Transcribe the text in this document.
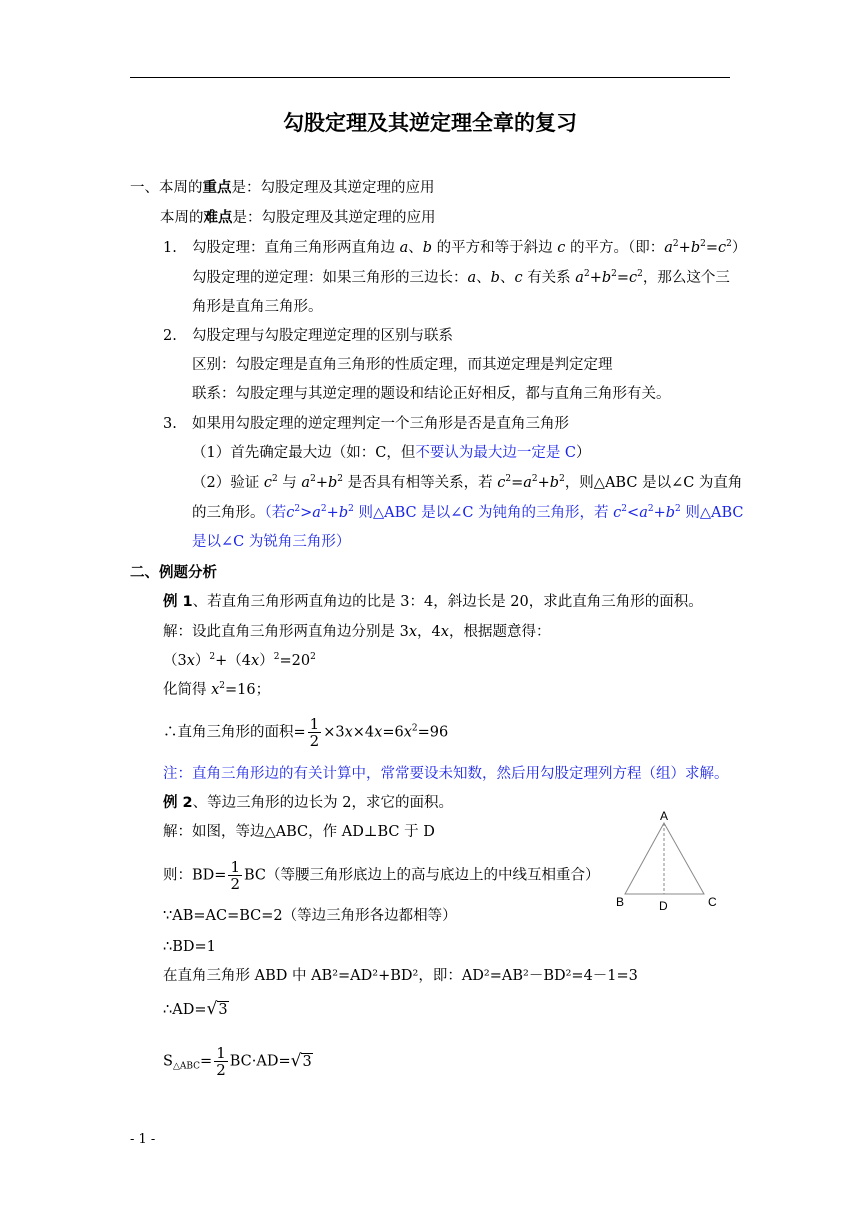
勾股定理及其逆定理全章的复习
一、本周的重点是：勾股定理及其逆定理的应用
本周的难点是：勾股定理及其逆定理的应用
1. 勾股定理：直角三角形两直角边 a、b 的平方和等于斜边 c 的平方。（即：$a^2+b^2=c^2$）
勾股定理的逆定理：如果三角形的三边长：a、b、c 有关系 $a^2+b^2=c^2$，那么这个三
角形是直角三角形。
2. 勾股定理与勾股定理逆定理的区别与联系
区别：勾股定理是直角三角形的性质定理，而其逆定理是判定定理
联系：勾股定理与其逆定理的题设和结论正好相反，都与直角三角形有关。
3. 如果用勾股定理的逆定理判定一个三角形是否是直角三角形
（1）首先确定最大边（如：C，但不要认为最大边一定是 C）
（2）验证 $c^2$ 与 $a^2+b^2$ 是否具有相等关系，若 $c^2=a^2+b^2$，则△ABC 是以∠C 为直角
的三角形。（若$c^2>a^2+b^2$ 则△ABC 是以∠C 为钝角的三角形，若 $c^2<a^2+b^2$ 则△ABC
是以∠C 为锐角三角形）
二、例题分析
例 1、若直角三角形两直角边的比是 3：4，斜边长是 20，求此直角三角形的面积。
解：设此直角三角形两直角边分别是 3x，4x，根据题意得：
$(3x)^2+(4x)^2=20^2$
化简得 $x^2=16$；
∴直角三角形的面积= $\frac{1}{2} \times 3x\times 4x=6x^2=96$
注：直角三角形边的有关计算中，常常要设未知数，然后用勾股定理列方程（组）求解。
例 2、等边三角形的边长为 2，求它的面积。
解：如图，等边△ABC，作 AD⊥BC 于 D
则：$BD= \frac{1}{2} BC$（等腰三角形底边上的高与底边上的中线互相重合）
∵AB=AC=BC=2（等边三角形各边都相等）
∴BD=1
在直角三角形 ABD 中 AB²=AD²+BD²，即：AD²=AB²－BD²=4－1=3
∴AD=√3
$S_{\triangle ABC}= \frac{1}{2} BC\cdot AD=√3$
A
B	C
D
- 1 -
